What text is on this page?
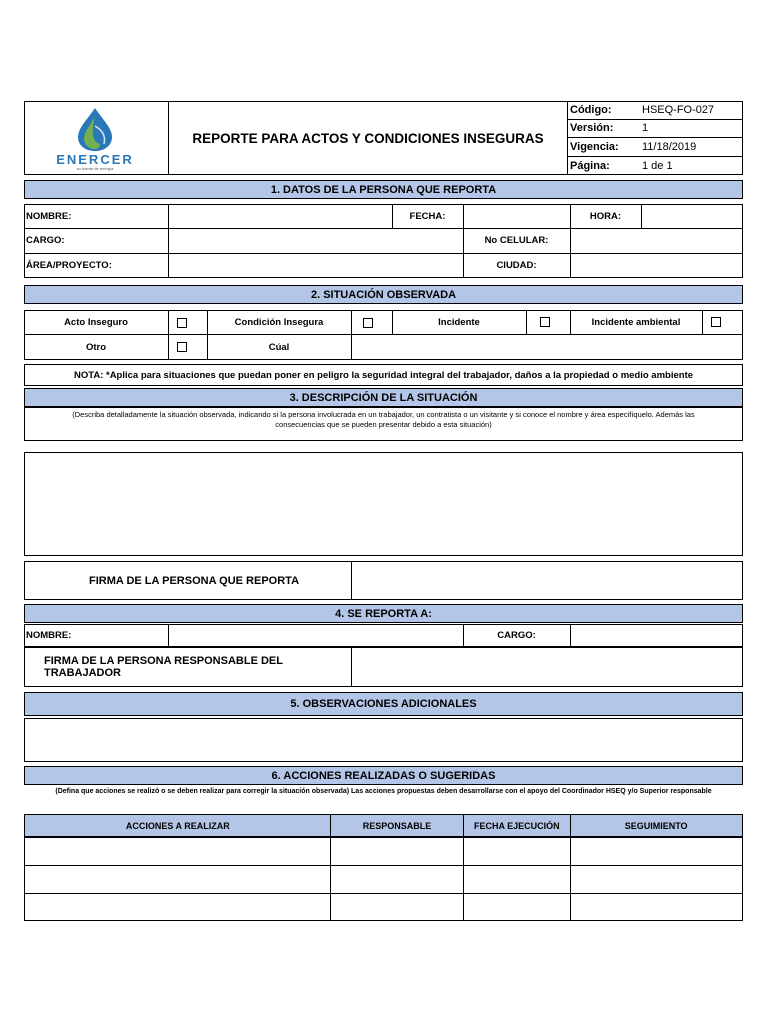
ENERCER
su fuente de energía
REPORTE PARA ACTOS Y CONDICIONES INSEGURAS
Código:	HSEQ-FO-027
Versión:	1
Vigencia:	11/18/2019
Página:	1 de 1
1. DATOS DE LA PERSONA QUE REPORTA
NOMBRE:	FECHA:	HORA:
CARGO:	No CELULAR:
ÁREA/PROYECTO:	CIUDAD:
2. SITUACIÓN OBSERVADA
Acto Inseguro	Condición Insegura	Incidente	Incidente ambiental
Otro	Cúal
NOTA: *Aplica para situaciones que puedan poner en peligro la seguridad integral del trabajador, daños a la propiedad o medio ambiente
3. DESCRIPCIÓN DE LA SITUACIÓN
(Describa detalladamente la situación observada, indicando si la persona involucrada en un trabajador, un contratista o un visitante y si conoce el nombre y área especifíquelo. Además las consecuencias que se pueden presentar debido a esta situación)
FIRMA DE LA PERSONA QUE REPORTA
4. SE REPORTA A:
NOMBRE:	CARGO:
FIRMA DE LA PERSONA RESPONSABLE DEL TRABAJADOR
5. OBSERVACIONES ADICIONALES
6. ACCIONES REALIZADAS O SUGERIDAS
(Defina que acciones se realizó o se deben realizar para corregir la situación observada) Las acciones propuestas deben desarrollarse con el apoyo del Coordinador HSEQ y/o Superior responsable
ACCIONES A REALIZAR	RESPONSABLE	FECHA EJECUCIÓN	SEGUIMIENTO
